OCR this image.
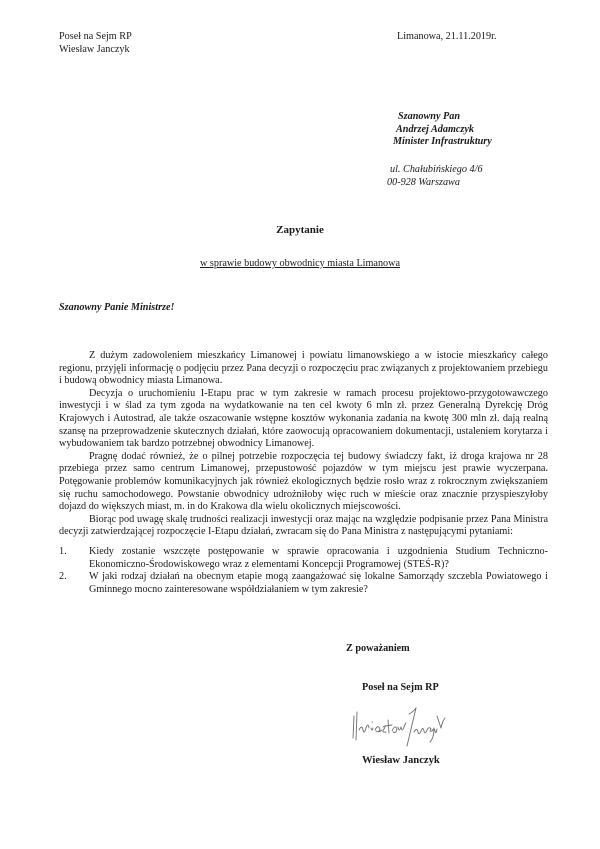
Poseł na Sejm RP
Wiesław Janczyk
Limanowa, 21.11.2019r.
Szanowny Pan
Andrzej Adamczyk
Minister Infrastruktury
ul. Chałubińskiego 4/6
00-928 Warszawa
Zapytanie
w sprawie budowy obwodnicy miasta Limanowa
Szanowny Panie Ministrze!

Z dużym zadowoleniem mieszkańcy Limanowej i powiatu limanowskiego a w istocie mieszkańcy całego regionu, przyjęli informację o podjęciu przez Pana decyzji o rozpoczęciu prac związanych z projektowaniem przebiegu i budową obwodnicy miasta Limanowa.

Decyzja o uruchomieniu I-Etapu prac w tym zakresie w ramach procesu projektowo-przygotowawczego inwestycji i w ślad za tym zgoda na wydatkowanie na ten cel kwoty 6 mln zł. przez Generalną Dyrekcję Dróg Krajowych i Autostrad, ale także oszacowanie wstępne kosztów wykonania zadania na kwotę 300 mln zł. dają realną szansę na przeprowadzenie skutecznych działań, które zaowocują opracowaniem dokumentacji, ustaleniem korytarza i wybudowaniem tak bardzo potrzebnej obwodnicy Limanowej.

Pragnę dodać również, że o pilnej potrzebie rozpoczęcia tej budowy świadczy fakt, iż droga krajowa nr 28 przebiega przez samo centrum Limanowej, przepustowość pojazdów w tym miejscu jest prawie wyczerpana. Potęgowanie problemów komunikacyjnych jak również ekologicznych będzie rosło wraz z rokrocznym zwiększaniem się ruchu samochodowego. Powstanie obwodnicy udrożniłoby więc ruch w mieście oraz znacznie przyspieszyłoby dojazd do większych miast, m. in do Krakowa dla wielu okolicznych miejscowości.

Biorąc pod uwagę skalę trudności realizacji inwestycji oraz mając na względzie podpisanie przez Pana Ministra decyzji zatwierdzającej rozpoczęcie I-Etapu działań, zwracam się do Pana Ministra z następującymi pytaniami:

1.	Kiedy zostanie wszczęte postępowanie w sprawie opracowania i uzgodnienia Studium Techniczno-Ekonomiczno-Środowiskowego wraz z elementami Koncepcji Programowej (STEŚ-R)?
2.	W jaki rodzaj działań na obecnym etapie mogą zaangażować się lokalne Samorządy szczebla Powiatowego i Gminnego mocno zainteresowane współdziałaniem w tym zakresie?
Z poważaniem
Poseł na Sejm RP
Wiesław Janczyk
